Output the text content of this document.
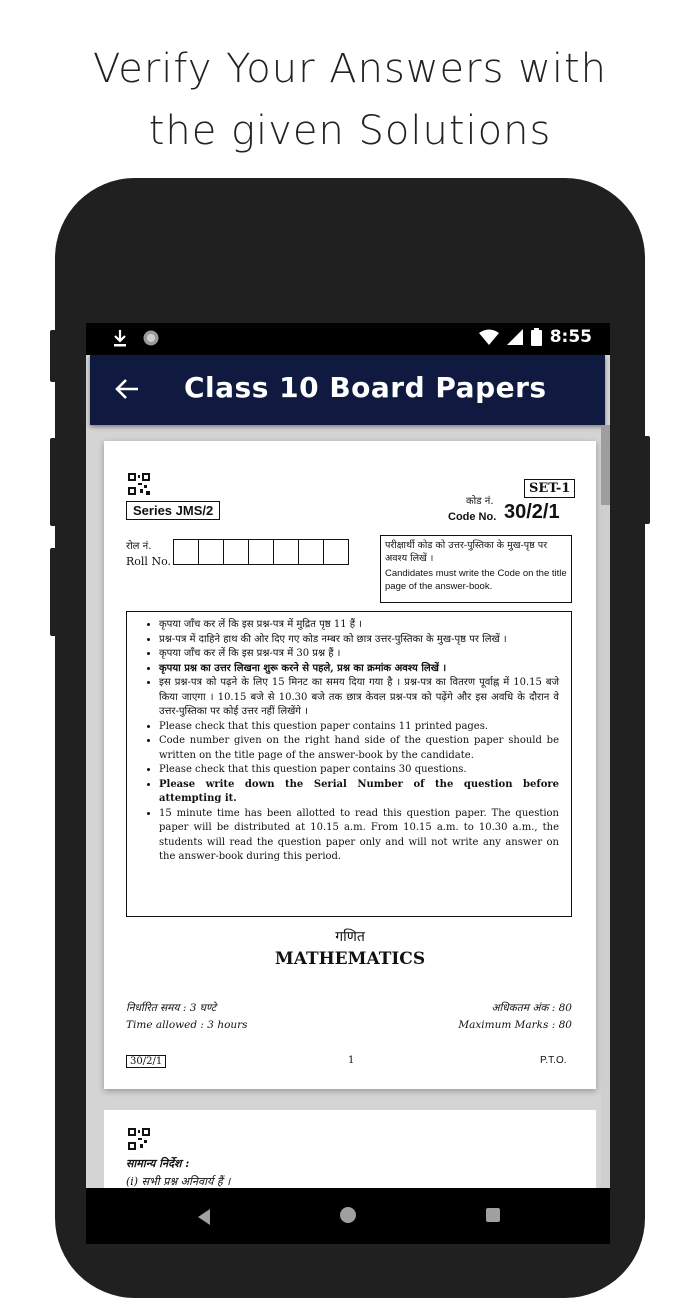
Verify Your Answers with
the given Solutions
8:55
Class 10 Board Papers
SET-1
कोड नं.
Code No. 30/2/1
Series JMS/2
रोल नं.
Roll No.
परीक्षार्थी कोड को उत्तर-पुस्तिका के मुख-पृष्ठ पर अवश्य लिखें ।
Candidates must write the Code on the title page of the answer-book.
• कृपया जाँच कर लें कि इस प्रश्न-पत्र में मुद्रित पृष्ठ 11 हैं ।
• प्रश्न-पत्र में दाहिने हाथ की ओर दिए गए कोड नम्बर को छात्र उत्तर-पुस्तिका के मुख-पृष्ठ पर लिखें ।
• कृपया जाँच कर लें कि इस प्रश्न-पत्र में 30 प्रश्न हैं ।
• कृपया प्रश्न का उत्तर लिखना शुरू करने से पहले, प्रश्न का क्रमांक अवश्य लिखें ।
• इस प्रश्न-पत्र को पढ़ने के लिए 15 मिनट का समय दिया गया है । प्रश्न-पत्र का वितरण पूर्वाह्न में 10.15 बजे किया जाएगा । 10.15 बजे से 10.30 बजे तक छात्र केवल प्रश्न-पत्र को पढ़ेंगे और इस अवधि के दौरान वे उत्तर-पुस्तिका पर कोई उत्तर नहीं लिखेंगे ।
• Please check that this question paper contains 11 printed pages.
• Code number given on the right hand side of the question paper should be written on the title page of the answer-book by the candidate.
• Please check that this question paper contains 30 questions.
• Please write down the Serial Number of the question before attempting it.
• 15 minute time has been allotted to read this question paper. The question paper will be distributed at 10.15 a.m. From 10.15 a.m. to 10.30 a.m., the students will read the question paper only and will not write any answer on the answer-book during this period.
गणित
MATHEMATICS
निर्धारित समय : 3 घण्टे
Time allowed : 3 hours
अधिकतम अंक : 80
Maximum Marks : 80
30/2/1	1	P.T.O.
सामान्य निर्देश :
(i) सभी प्रश्न अनिवार्य हैं ।
